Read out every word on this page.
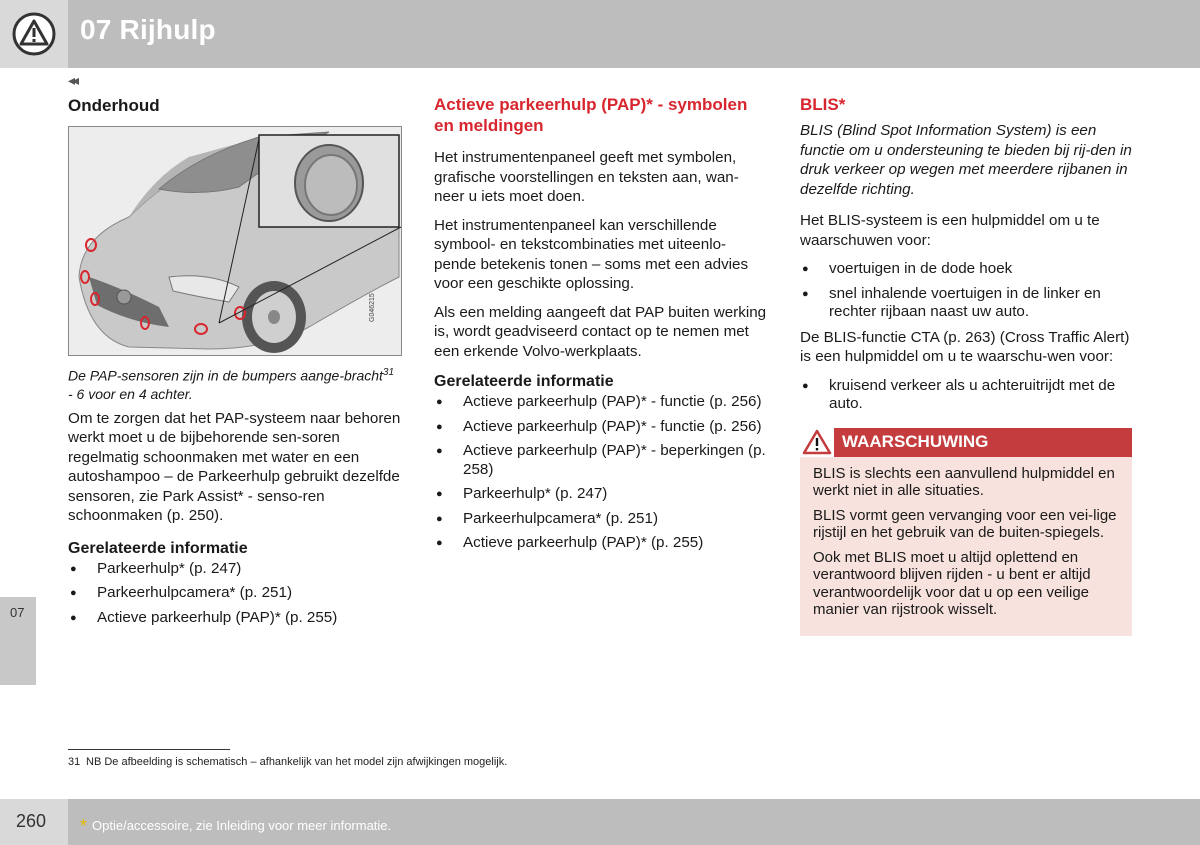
07 Rijhulp
◂◂
07
Onderhoud
G046215

De PAP-sensoren zijn in de bumpers aange-bracht$^{31}$ - 6 voor en 4 achter.

Om te zorgen dat het PAP-systeem naar behoren werkt moet u de bijbehorende sen-soren regelmatig schoonmaken met water en een autoshampoo – de Parkeerhulp gebruikt dezelfde sensoren, zie Park Assist* - senso-ren schoonmaken (p. 250).

Gerelateerde informatie
● Parkeerhulp* (p. 247)
● Parkeerhulpcamera* (p. 251)
● Actieve parkeerhulp (PAP)* (p. 255)
Actieve parkeerhulp (PAP)* - symbolen en meldingen

Het instrumentenpaneel geeft met symbolen, grafische voorstellingen en teksten aan, wan-neer u iets moet doen.

Het instrumentenpaneel kan verschillende symbool- en tekstcombinaties met uiteenlo-pende betekenis tonen – soms met een advies voor een geschikte oplossing.

Als een melding aangeeft dat PAP buiten werking is, wordt geadviseerd contact op te nemen met een erkende Volvo-werkplaats.

Gerelateerde informatie
● Actieve parkeerhulp (PAP)* - functie (p. 256)
● Actieve parkeerhulp (PAP)* - functie (p. 256)
● Actieve parkeerhulp (PAP)* - beperkingen (p. 258)
● Parkeerhulp* (p. 247)
● Parkeerhulpcamera* (p. 251)
● Actieve parkeerhulp (PAP)* (p. 255)
BLIS*

BLIS (Blind Spot Information System) is een functie om u ondersteuning te bieden bij rij-den in druk verkeer op wegen met meerdere rijbanen in dezelfde richting.

Het BLIS-systeem is een hulpmiddel om u te waarschuwen voor:

● voertuigen in de dode hoek
● snel inhalende voertuigen in de linker en rechter rijbaan naast uw auto.

De BLIS-functie CTA (p. 263) (Cross Traffic Alert) is een hulpmiddel om u te waarschu-wen voor:

● kruisend verkeer als u achteruitrijdt met de auto.
WAARSCHUWING

BLIS is slechts een aanvullend hulpmiddel en werkt niet in alle situaties.

BLIS vormt geen vervanging voor een vei-lige rijstijl en het gebruik van de buiten-spiegels.

Ook met BLIS moet u altijd oplettend en verantwoord blijven rijden - u bent er altijd verantwoordelijk voor dat u op een veilige manier van rijstrook wisselt.

31 NB De afbeelding is schematisch – afhankelijk van het model zijn afwijkingen mogelijk.
260 * Optie/accessoire, zie Inleiding voor meer informatie.
